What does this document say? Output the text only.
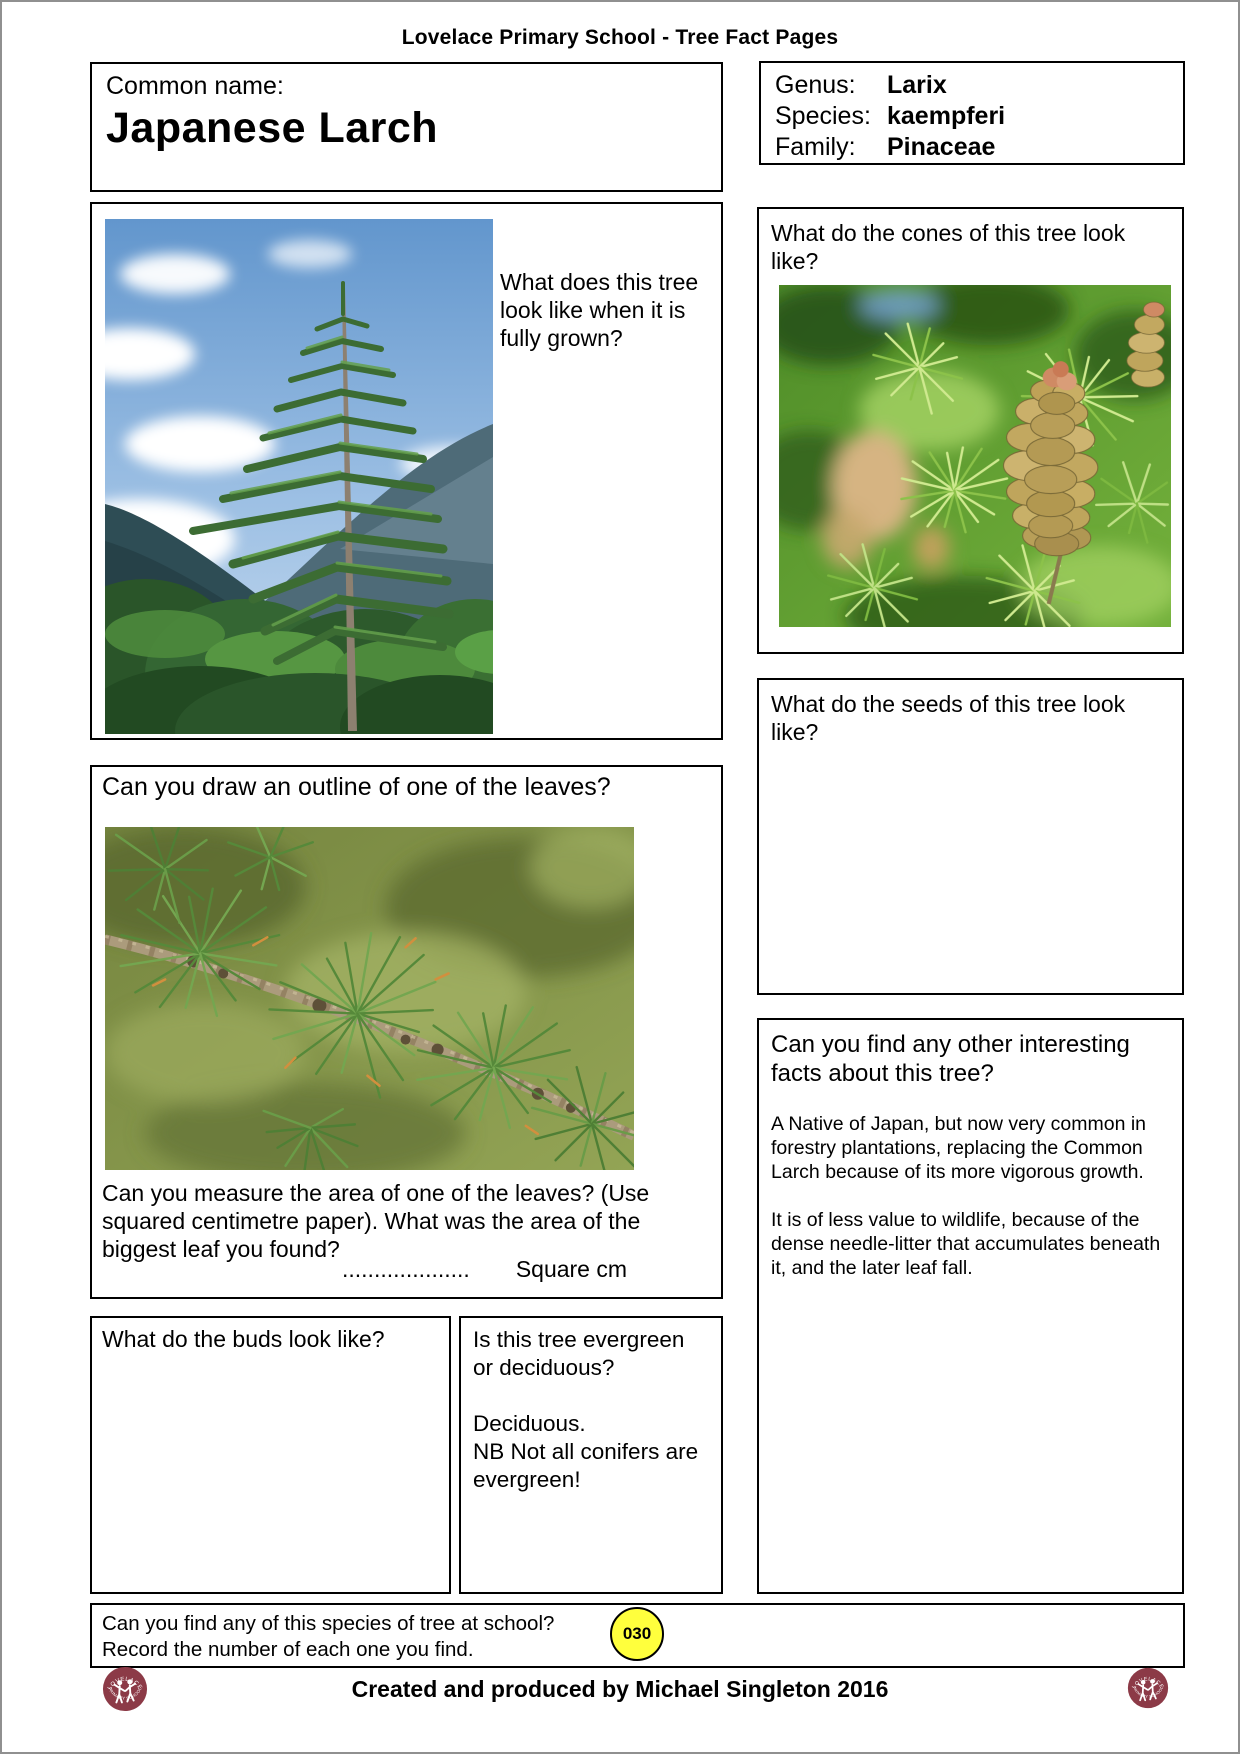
Lovelace Primary School - Tree Fact Pages
Common name:
Japanese Larch
Genus:	Larix
Species: kaempferi
Family:	Pinaceae
What does this tree look like when it is fully grown?
What do the cones of this tree look like?
What do the seeds of this tree look like?
Can you draw an outline of one of the leaves?
Can you measure the area of one of the leaves? (Use squared centimetre paper). What was the area of the biggest leaf you found?
.................... Square cm
What do the buds look like?	Is this tree evergreen or deciduous?
Deciduous.
NB Not all conifers are evergreen!
Can you find any other interesting facts about this tree?
A Native of Japan, but now very common in forestry plantations, replacing the Common Larch because of its more vigorous growth.
It is of less value to wildlife, because of the dense needle-litter that accumulates beneath it, and the later leaf fall.
Can you find any of this species of tree at school?
Record the number of each one you find.
030
Created and produced by Michael Singleton 2016
